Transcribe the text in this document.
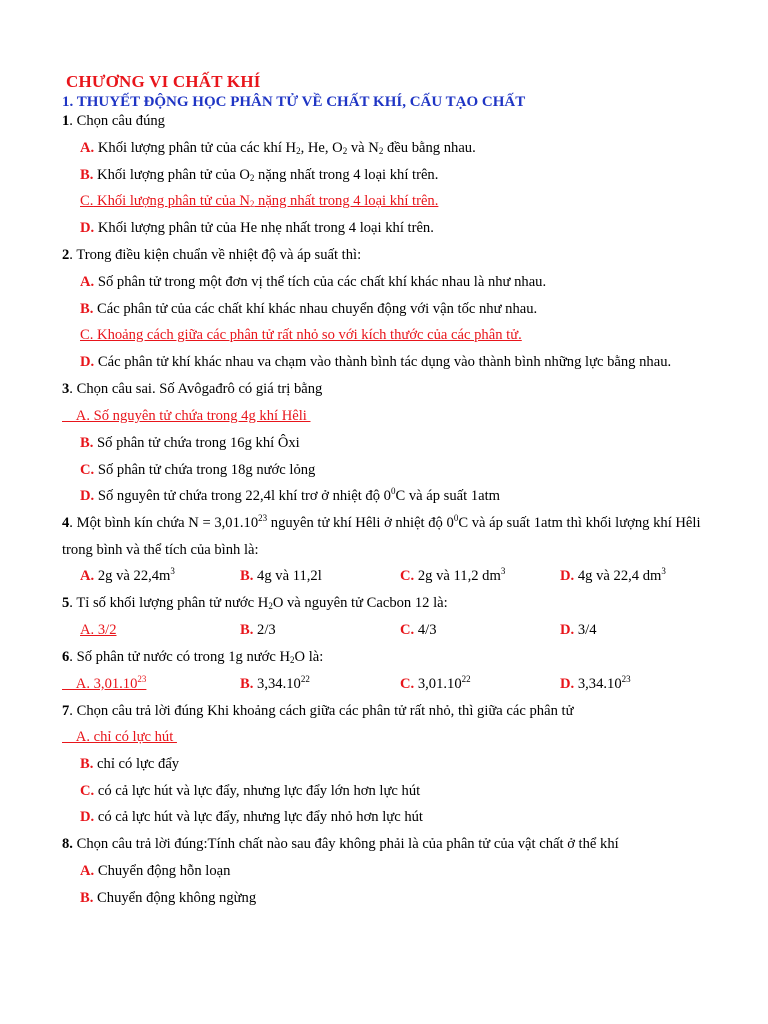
CHƯƠNG VI CHẤT KHÍ
1. THUYẾT ĐỘNG HỌC PHÂN TỬ VỀ CHẤT KHÍ, CẤU TẠO CHẤT
1. Chọn câu đúng
A. Khối lượng phân tử của các khí $H_2$, He, $O_2$ và $N_2$ đều bằng nhau.
B. Khối lượng phân tử của $O_2$ nặng nhất trong 4 loại khí trên.
C. Khối lượng phân tử của $N_2$ nặng nhất trong 4 loại khí trên.
D. Khối lượng phân tử của He nhẹ nhất trong 4 loại khí trên.
2. Trong điều kiện chuẩn về nhiệt độ và áp suất thì:
A. Số phân tử trong một đơn vị thể tích của các chất khí khác nhau là như nhau.
B. Các phân tử của các chất khí khác nhau chuyển động với vận tốc như nhau.
C. Khoảng cách giữa các phân tử rất nhỏ so với kích thước của các phân tử.
D. Các phân tử khí khác nhau va chạm vào thành bình tác dụng vào thành bình những lực bằng nhau.
3. Chọn câu sai. Số Avôgađrô có giá trị bằng
A. Số nguyên tử chứa trong 4g khí Hêli
B. Số phân tử chứa trong 16g khí Ôxi
C. Số phân tử chứa trong 18g nước lỏng
D. Số nguyên tử chứa trong 22,4l khí trơ ở nhiệt độ $0^0C$ và áp suất 1atm
4. Một bình kín chứa $N = 3,01.10^{23}$ nguyên tử khí Hêli ở nhiệt độ $0^0C$ và áp suất 1atm thì khối lượng khí Hêli
trong bình và thể tích của bình là:
A. 2g và $22,4m^3$	B. 4g và 11,2l	C. 2g và 11,2 $dm^3$	D. 4g và 22,4 $dm^3$
5. Tỉ số khối lượng phân tử nước $H_2O$ và nguyên tử Cacbon 12 là:
A. 3/2	B. 2/3	C. 4/3	D. 3/4
6. Số phân tử nước có trong 1g nước $H_2O$ là:
A. 3,01.10$^{23}$	B. 3,34.10$^{22}$	C. 3,01.10$^{22}$	D. 3,34.10$^{23}$
7. Chọn câu trả lời đúng Khi khoảng cách giữa các phân tử rất nhỏ, thì giữa các phân tử
A. chỉ có lực hút
B. chỉ có lực đẩy
C. có cả lực hút và lực đẩy, nhưng lực đẩy lớn hơn lực hút
D. có cả lực hút và lực đẩy, nhưng lực đẩy nhỏ hơn lực hút
8. Chọn câu trả lời đúng:Tính chất nào sau đây không phải là của phân tử của vật chất ở thể khí
A. Chuyển động hỗn loạn
B. Chuyển động không ngừng
